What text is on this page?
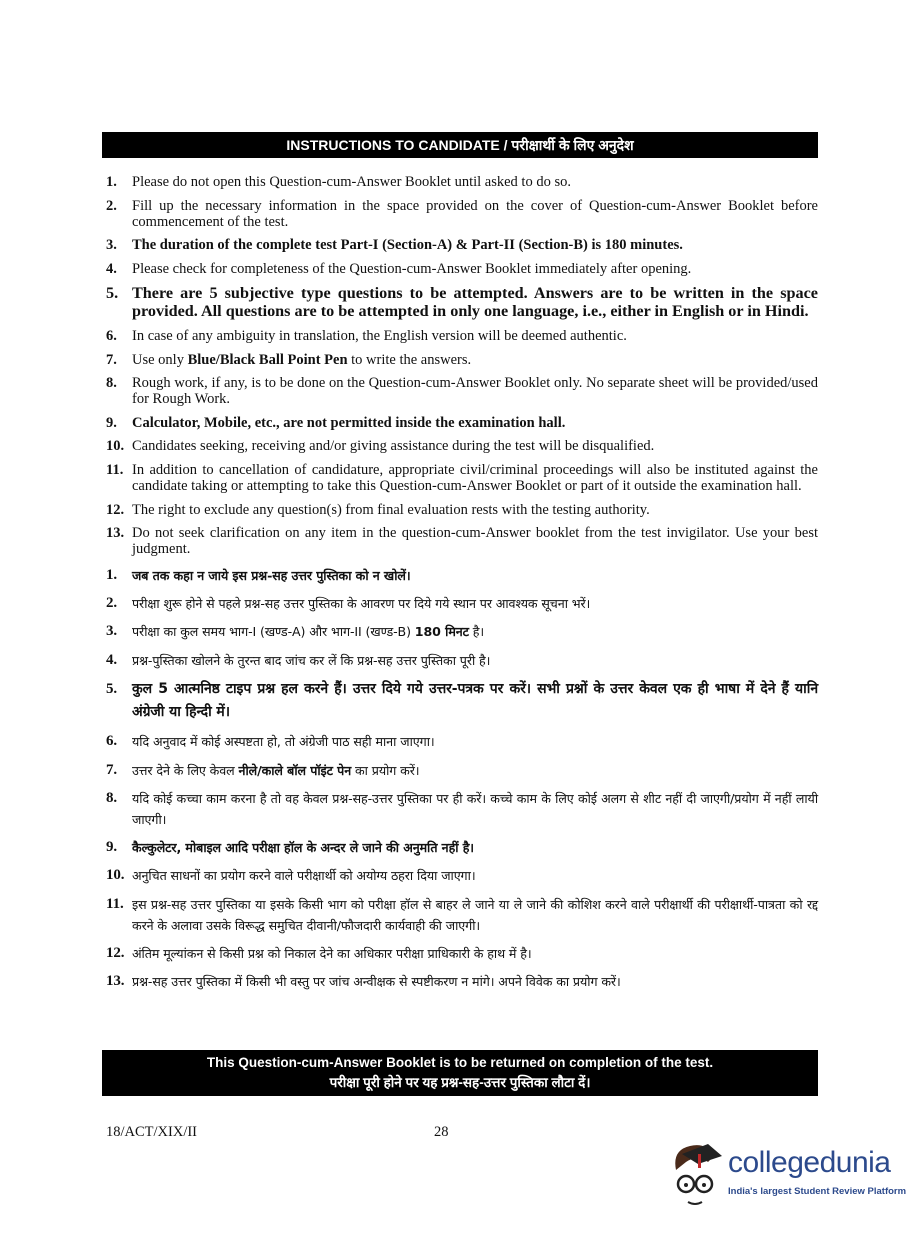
INSTRUCTIONS TO CANDIDATE / परीक्षार्थी के लिए अनुदेश
1.	Please do not open this Question-cum-Answer Booklet until asked to do so.
2.	Fill up the necessary information in the space provided on the cover of Question-cum-Answer Booklet before commencement of the test.
3.	The duration of the complete test Part-I (Section-A) & Part-II (Section-B) is 180 minutes.
4.	Please check for completeness of the Question-cum-Answer Booklet immediately after opening.
5. There are 5 subjective type questions to be attempted. Answers are to be written in the space provided. All questions are to be attempted in only one language, i.e., either in English or in Hindi.
6.	In case of any ambiguity in translation, the English version will be deemed authentic.
7.	Use only Blue/Black Ball Point Pen to write the answers.
8.	Rough work, if any, is to be done on the Question-cum-Answer Booklet only. No separate sheet will be provided/used for Rough Work.
9.	Calculator, Mobile, etc., are not permitted inside the examination hall.
10. Candidates seeking, receiving and/or giving assistance during the test will be disqualified.
11. In addition to cancellation of candidature, appropriate civil/criminal proceedings will also be instituted against the candidate taking or attempting to take this Question-cum-Answer Booklet or part of it outside the examination hall.
12. The right to exclude any question(s) from final evaluation rests with the testing authority.
13. Do not seek clarification on any item in the question-cum-Answer booklet from the test invigilator. Use your best judgment.
1.	जब तक कहा न जाये इस प्रश्न-सह उत्तर पुस्तिका को न खोलें।
2.	परीक्षा शुरू होने से पहले प्रश्न-सह उत्तर पुस्तिका के आवरण पर दिये गये स्थान पर आवश्यक सूचना भरें।
3.	परीक्षा का कुल समय भाग-I (खण्ड-A) और भाग-II (खण्ड-B) 180 मिनट है।
4.	प्रश्न-पुस्तिका खोलने के तुरन्त बाद जांच कर लें कि प्रश्न-सह उत्तर पुस्तिका पूरी है।
5.	कुल 5 आत्मनिष्ठ टाइप प्रश्न हल करने हैं। उत्तर दिये गये उत्तर-पत्रक पर करें। सभी प्रश्नों के उत्तर केवल एक ही भाषा में देने हैं यानि अंग्रेजी या हिन्दी में।
6.	यदि अनुवाद में कोई अस्पष्टता हो, तो अंग्रेजी पाठ सही माना जाएगा।
7.	उत्तर देने के लिए केवल नीले/काले बॉल पॉइंट पेन का प्रयोग करें।
8.	यदि कोई कच्चा काम करना है तो वह केवल प्रश्न-सह-उत्तर पुस्तिका पर ही करें। कच्चे काम के लिए कोई अलग से शीट नहीं दी जाएगी/प्रयोग में नहीं लायी जाएगी।
9.	कैल्कुलेटर, मोबाइल आदि परीक्षा हॉल के अन्दर ले जाने की अनुमति नहीं है।
10. अनुचित साधनों का प्रयोग करने वाले परीक्षार्थी को अयोग्य ठहरा दिया जाएगा।
11. इस प्रश्न-सह उत्तर पुस्तिका या इसके किसी भाग को परीक्षा हॉल से बाहर ले जाने या ले जाने की कोशिश करने वाले परीक्षार्थी की परीक्षार्थी-पात्रता को रद्द करने के अलावा उसके विरूद्ध समुचित दीवानी/फौजदारी कार्यवाही की जाएगी।
12. अंतिम मूल्यांकन से किसी प्रश्न को निकाल देने का अधिकार परीक्षा प्राधिकारी के हाथ में है।
13. प्रश्न-सह उत्तर पुस्तिका में किसी भी वस्तु पर जांच अन्वीक्षक से स्पष्टीकरण न मांगे। अपने विवेक का प्रयोग करें।
This Question-cum-Answer Booklet is to be returned on completion of the test.
परीक्षा पूरी होने पर यह प्रश्न-सह-उत्तर पुस्तिका लौटा दें।
18/ACT/XIX/II	28
collegedunia
India's largest Student Review Platform
